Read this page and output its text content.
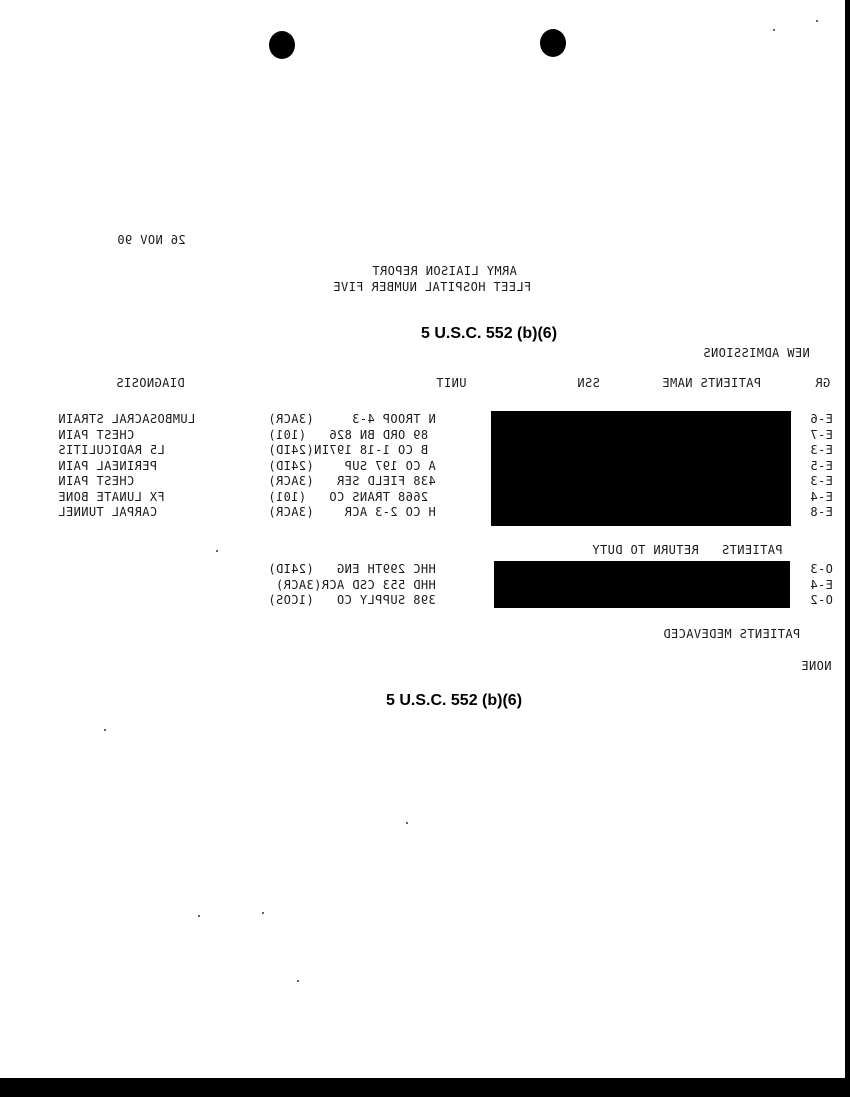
26 NOV 90
ARMY LIAISON REPORT
FLEET HOSPITAL NUMBER FIVE
5 U.S.C. 552 (b)(6)
NEW ADMISSIONS
GR
PATIENTS NAME
SSN
UNIT
DIAGNOSIS
E-6
E-7
E-3
E-5
E-3
E-4
E-8
N TROOP 4-3     (3ACR)
89 ORD BN 826   (101)
B CO 1-18 197IN(24ID)
A CO 197 SUP    (24ID)
438 FIELD SER   (3ACR)
2668 TRANS CO   (101)
H CO 2-3 ACR    (3ACR)
LUMBOSACRAL STRAIN
CHEST PAIN
L5 RADICULITIS
PERINEAL PAIN
CHEST PAIN
FX LUNATE BONE
CARPAL TUNNEL
PATIENTS   RETURN TO DUTY
O-3
E-4
O-2
HHC 299TH ENG   (24ID)
HHD 553 CSD ACR(3ACR)
398 SUPPLY CO   (1COS)
PATIENTS MEDEVACED
NONE
5 U.S.C. 552 (b)(6)
